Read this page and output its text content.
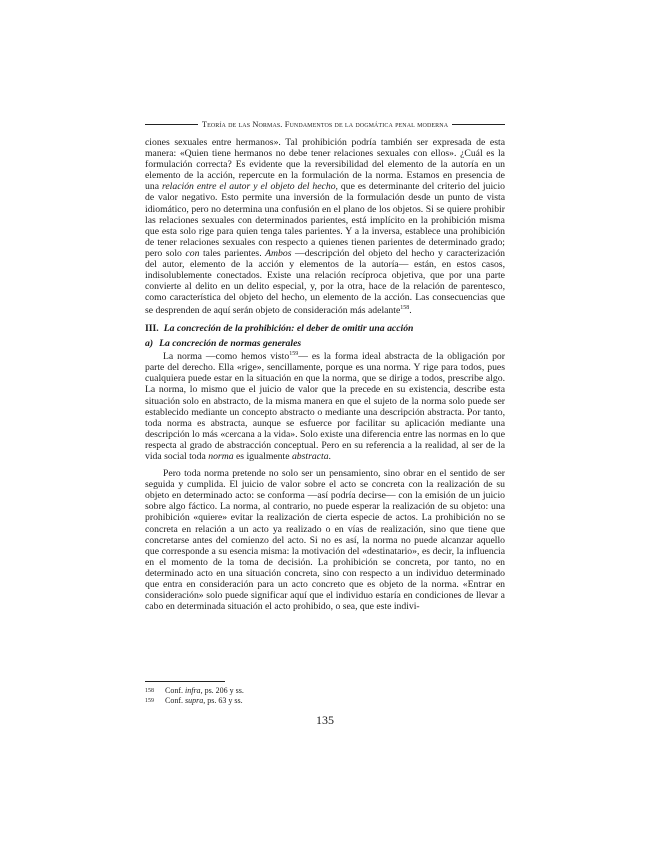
Teoría de las Normas. Fundamentos de la dogmática penal moderna

ciones sexuales entre hermanos». Tal prohibición podría también ser expresada de esta manera: «Quien tiene hermanos no debe tener relaciones sexuales con ellos». ¿Cuál es la formulación correcta? Es evidente que la reversibilidad del elemento de la autoría en un elemento de la acción, repercute en la formulación de la norma. Estamos en presencia de una relación entre el autor y el objeto del hecho, que es determinante del criterio del juicio de valor negativo. Esto permite una inversión de la formulación desde un punto de vista idiomático, pero no determina una confusión en el plano de los objetos. Si se quiere prohibir las relaciones sexuales con determinados parientes, está implícito en la prohibición misma que esta solo rige para quien tenga tales parientes. Y a la inversa, establece una prohibición de tener relaciones sexuales con respecto a quienes tienen parientes de determinado grado; pero solo con tales parientes. Ambos —descripción del objeto del hecho y caracterización del autor, elemento de la acción y elementos de la autoría— están, en estos casos, indisolublemente conectados. Existe una relación recíproca objetiva, que por una parte convierte al delito en un delito especial, y, por la otra, hace de la relación de parentesco, como característica del objeto del hecho, un elemento de la acción. Las consecuencias que se desprenden de aquí serán objeto de consideración más adelante$^{158}$.

III. La concreción de la prohibición: el deber de omitir una acción

a) La concreción de normas generales

La norma —como hemos visto$^{159}$— es la forma ideal abstracta de la obligación por parte del derecho. Ella «rige», sencillamente, porque es una norma. Y rige para todos, pues cualquiera puede estar en la situación en que la norma, que se dirige a todos, prescribe algo. La norma, lo mismo que el juicio de valor que la precede en su existencia, describe esta situación solo en abstracto, de la misma manera en que el sujeto de la norma solo puede ser establecido mediante un concepto abstracto o mediante una descripción abstracta. Por tanto, toda norma es abstracta, aunque se esfuerce por facilitar su aplicación mediante una descripción lo más «cercana a la vida». Solo existe una diferencia entre las normas en lo que respecta al grado de abstracción conceptual. Pero en su referencia a la realidad, al ser de la vida social toda norma es igualmente abstracta.

Pero toda norma pretende no solo ser un pensamiento, sino obrar en el sentido de ser seguida y cumplida. El juicio de valor sobre el acto se concreta con la realización de su objeto en determinado acto: se conforma —así podría decirse— con la emisión de un juicio sobre algo fáctico. La norma, al contrario, no puede esperar la realización de su objeto: una prohibición «quiere» evitar la realización de cierta especie de actos. La prohibición no se concreta en relación a un acto ya realizado o en vías de realización, sino que tiene que concretarse antes del comienzo del acto. Si no es así, la norma no puede alcanzar aquello que corresponde a su esencia misma: la motivación del «destinatario», es decir, la influencia en el momento de la toma de decisión. La prohibición se concreta, por tanto, no en determinado acto en una situación concreta, sino con respecto a un individuo determinado que entra en consideración para un acto concreto que es objeto de la norma. «Entrar en consideración» solo puede significar aquí que el individuo estaría en condiciones de llevar a cabo en determinada situación el acto prohibido, o sea, que este indivi-

158	Conf. infra, ps. 206 y ss.
159	Conf. supra, ps. 63 y ss.
135
